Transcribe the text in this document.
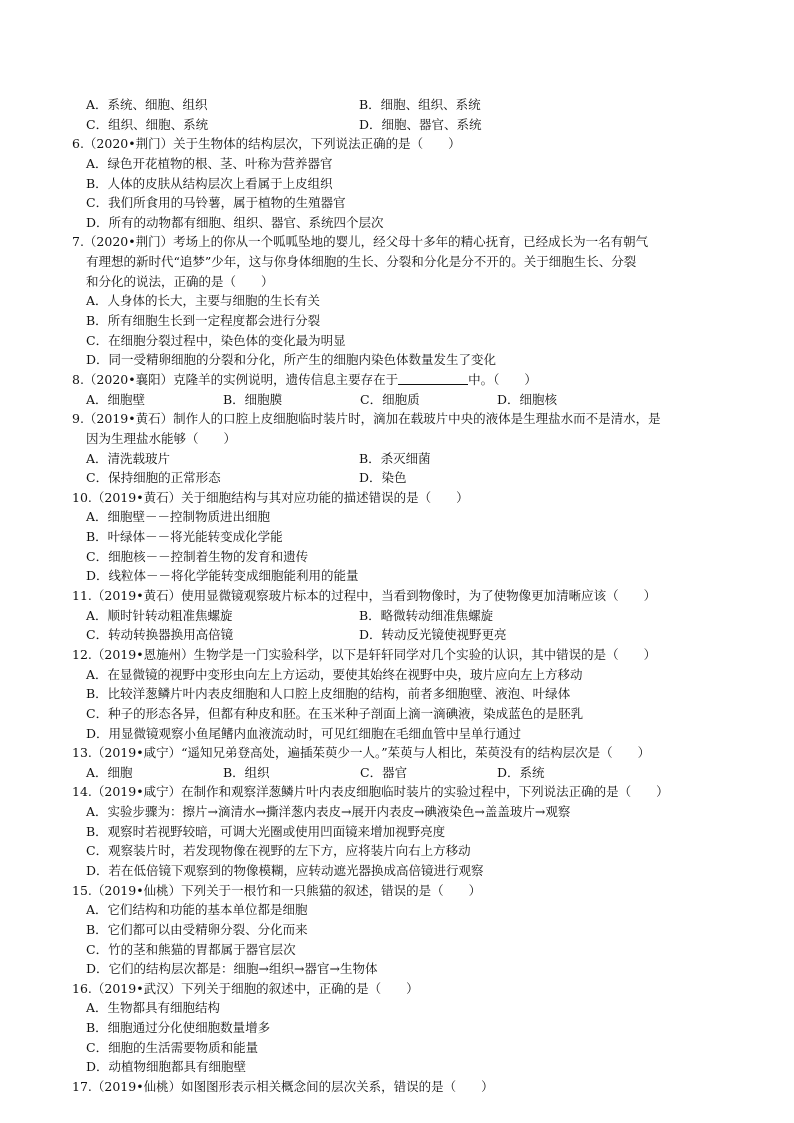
A．系统、细胞、组织	B．细胞、组织、系统
C．组织、细胞、系统	D．细胞、器官、系统
6.（2020•荆门）关于生物体的结构层次，下列说法正确的是（　　）
A．绿色开花植物的根、茎、叶称为营养器官
B．人体的皮肤从结构层次上看属于上皮组织
C．我们所食用的马铃薯，属于植物的生殖器官
D．所有的动物都有细胞、组织、器官、系统四个层次
7.（2020•荆门）考场上的你从一个呱呱坠地的婴儿，经父母十多年的精心抚育，已经成长为一名有朝气
有理想的新时代“追梦”少年，这与你身体细胞的生长、分裂和分化是分不开的。关于细胞生长、分裂
和分化的说法，正确的是（　　）
A．人身体的长大，主要与细胞的生长有关
B．所有细胞生长到一定程度都会进行分裂
C．在细胞分裂过程中，染色体的变化最为明显
D．同一受精卵细胞的分裂和分化，所产生的细胞内染色体数量发生了变化
8.（2020•襄阳）克隆羊的实例说明，遗传信息主要存在于	中。（　　）
A．细胞壁	B．细胞膜	C．细胞质	D．细胞核
9.（2019•黄石）制作人的口腔上皮细胞临时装片时，滴加在载玻片中央的液体是生理盐水而不是清水，是
因为生理盐水能够（　　）
A．清洗载玻片	B．杀灭细菌
C．保持细胞的正常形态	D．染色
10.（2019•黄石）关于细胞结构与其对应功能的描述错误的是（　　）
A．细胞壁－－控制物质进出细胞
B．叶绿体－－将光能转变成化学能
C．细胞核－－控制着生物的发育和遗传
D．线粒体－－将化学能转变成细胞能利用的能量
11.（2019•黄石）使用显微镜观察玻片标本的过程中，当看到物像时，为了使物像更加清晰应该（　　）
A．顺时针转动粗准焦螺旋	B．略微转动细准焦螺旋
C．转动转换器换用高倍镜	D．转动反光镜使视野更亮
12.（2019•恩施州）生物学是一门实验科学，以下是轩轩同学对几个实验的认识，其中错误的是（　　）
A．在显微镜的视野中变形虫向左上方运动，要使其始终在视野中央，玻片应向左上方移动
B．比较洋葱鳞片叶内表皮细胞和人口腔上皮细胞的结构，前者多细胞壁、液泡、叶绿体
C．种子的形态各异，但都有种皮和胚。在玉米种子剖面上滴一滴碘液，染成蓝色的是胚乳
D．用显微镜观察小鱼尾鳍内血液流动时，可见红细胞在毛细血管中呈单行通过
13.（2019•咸宁）“遥知兄弟登高处，遍插茱萸少一人。”茱萸与人相比，茱萸没有的结构层次是（　　）
A．细胞	B．组织	C．器官	D．系统
14.（2019•咸宁）在制作和观察洋葱鳞片叶内表皮细胞临时装片的实验过程中，下列说法正确的是（　　）
A．实验步骤为：擦片→滴清水→撕洋葱内表皮→展开内表皮→碘液染色→盖盖玻片→观察
B．观察时若视野较暗，可调大光圈或使用凹面镜来增加视野亮度
C．观察装片时，若发现物像在视野的左下方，应将装片向右上方移动
D．若在低倍镜下观察到的物像模糊，应转动遮光器换成高倍镜进行观察
15.（2019•仙桃）下列关于一根竹和一只熊猫的叙述，错误的是（　　）
A．它们结构和功能的基本单位都是细胞
B．它们都可以由受精卵分裂、分化而来
C．竹的茎和熊猫的胃都属于器官层次
D．它们的结构层次都是：细胞→组织→器官→生物体
16.（2019•武汉）下列关于细胞的叙述中，正确的是（　　）
A．生物都具有细胞结构
B．细胞通过分化使细胞数量增多
C．细胞的生活需要物质和能量
D．动植物细胞都具有细胞壁
17.（2019•仙桃）如图图形表示相关概念间的层次关系，错误的是（　　）
